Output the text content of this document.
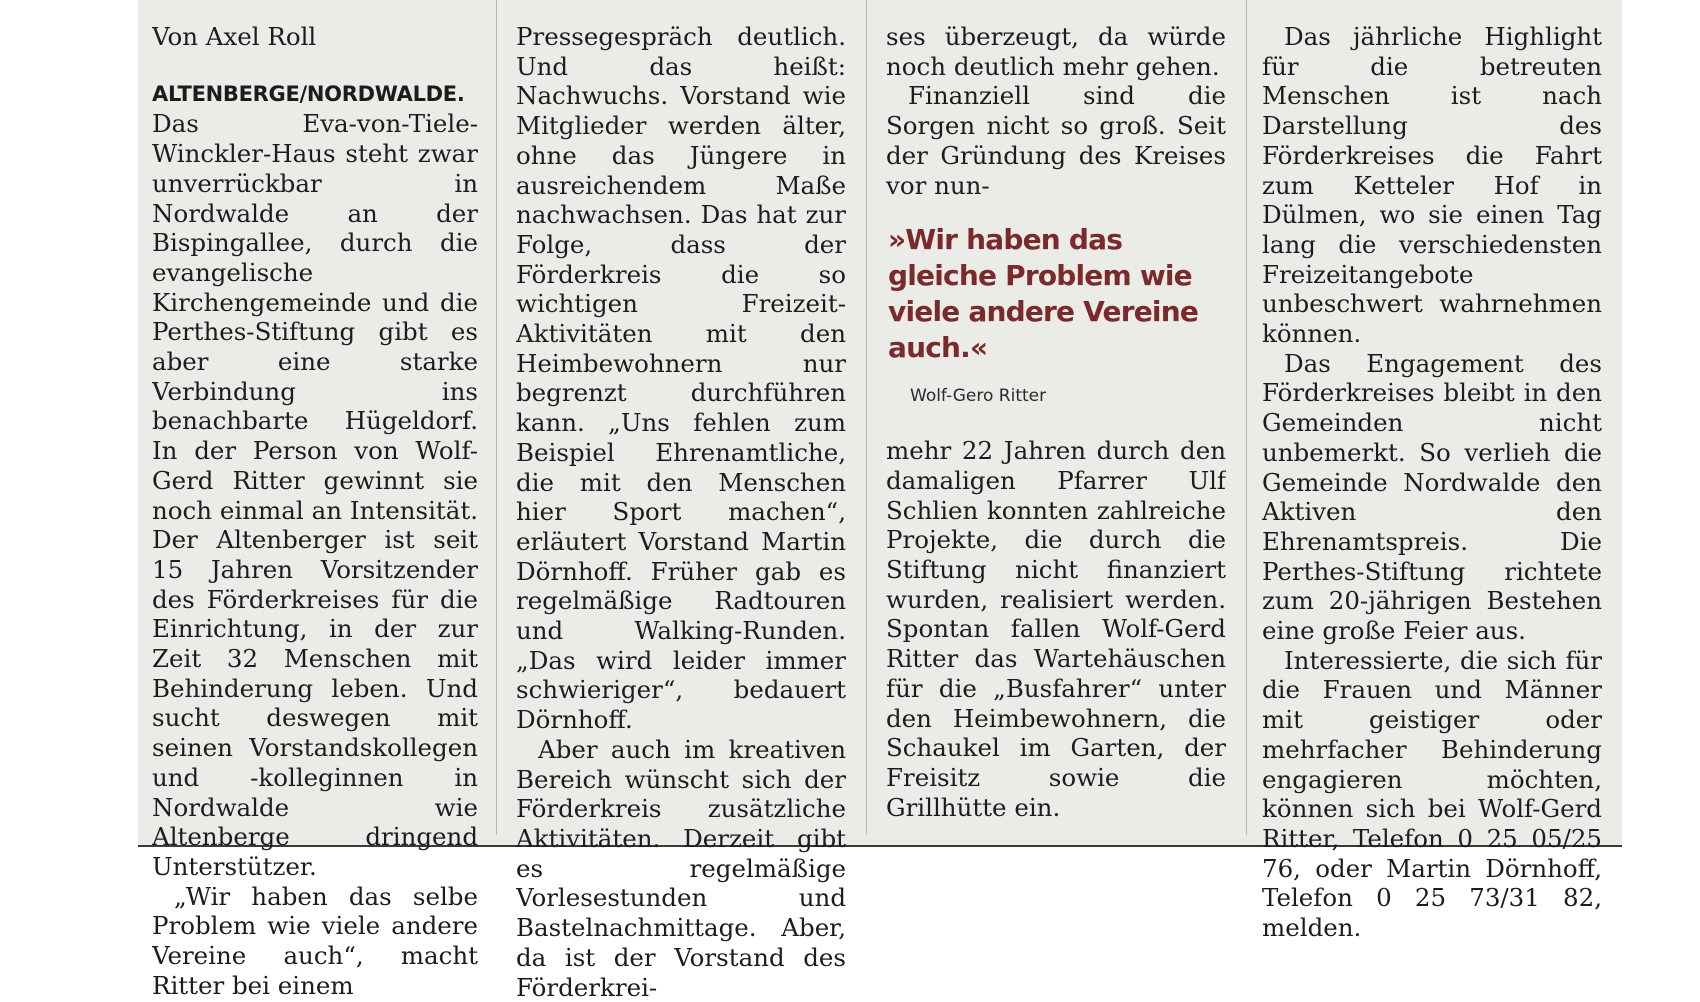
Von Axel Roll

ALTENBERGE/NORDWALDE. Das Eva-von-Tiele-Winckler-Haus steht zwar unverrückbar in Nordwalde an der Bispingallee, durch die evangelische Kirchengemeinde und die Perthes-Stiftung gibt es aber eine starke Verbindung ins benachbarte Hügeldorf. In der Person von Wolf-Gerd Ritter gewinnt sie noch einmal an Intensität. Der Altenberger ist seit 15 Jahren Vorsitzender des Förderkreises für die Einrichtung, in der zur Zeit 32 Menschen mit Behinderung leben. Und sucht deswegen mit seinen Vorstandskollegen und -kolleginnen in Nordwalde wie Altenberge dringend Unterstützer.

„Wir haben das selbe Problem wie viele andere Vereine auch“, macht Ritter bei einem

Pressegespräch deutlich. Und das heißt: Nachwuchs. Vorstand wie Mitglieder werden älter, ohne das Jüngere in ausreichendem Maße nachwachsen. Das hat zur Folge, dass der Förderkreis die so wichtigen Freizeit-Aktivitäten mit den Heimbewohnern nur begrenzt durchführen kann. „Uns fehlen zum Beispiel Ehrenamtliche, die mit den Menschen hier Sport machen“, erläutert Vorstand Martin Dörnhoff. Früher gab es regelmäßige Radtouren und Walking-Runden. „Das wird leider immer schwieriger“, bedauert Dörnhoff.

Aber auch im kreativen Bereich wünscht sich der Förderkreis zusätzliche Aktivitäten. Derzeit gibt es regelmäßige Vorlesestunden und Bastelnachmittage. Aber, da ist der Vorstand des Förderkrei-

ses überzeugt, da würde noch deutlich mehr gehen.

Finanziell sind die Sorgen nicht so groß. Seit der Gründung des Kreises vor nun-

»Wir haben das gleiche Problem wie viele andere Vereine auch.«

Wolf-Gero Ritter

mehr 22 Jahren durch den damaligen Pfarrer Ulf Schlien konnten zahlreiche Projekte, die durch die Stiftung nicht finanziert wurden, realisiert werden. Spontan fallen Wolf-Gerd Ritter das Wartehäuschen für die „Busfahrer“ unter den Heimbewohnern, die Schaukel im Garten, der Freisitz sowie die Grillhütte ein.

Das jährliche Highlight für die betreuten Menschen ist nach Darstellung des Förderkreises die Fahrt zum Ketteler Hof in Dülmen, wo sie einen Tag lang die verschiedensten Freizeitangebote unbeschwert wahrnehmen können.

Das Engagement des Förderkreises bleibt in den Gemeinden nicht unbemerkt. So verlieh die Gemeinde Nordwalde den Aktiven den Ehrenamtspreis. Die Perthes-Stiftung richtete zum 20-jährigen Bestehen eine große Feier aus.

Interessierte, die sich für die Frauen und Männer mit geistiger oder mehrfacher Behinderung engagieren möchten, können sich bei Wolf-Gerd Ritter, Telefon 0 25 05/25 76, oder Martin Dörnhoff, Telefon 0 25 73/31 82, melden.
